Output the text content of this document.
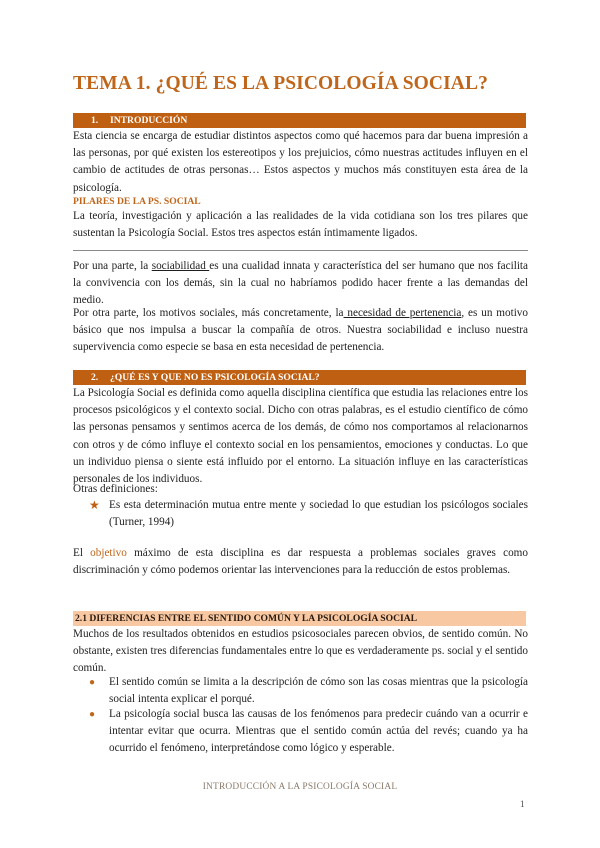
TEMA 1. ¿QUÉ ES LA PSICOLOGÍA SOCIAL?
1. INTRODUCCIÓN
Esta ciencia se encarga de estudiar distintos aspectos como qué hacemos para dar buena impresión a las personas, por qué existen los estereotipos y los prejuicios, cómo nuestras actitudes influyen en el cambio de actitudes de otras personas… Estos aspectos y muchos más constituyen esta área de la psicología.
PILARES DE LA PS. SOCIAL
La teoría, investigación y aplicación a las realidades de la vida cotidiana son los tres pilares que sustentan la Psicología Social. Estos tres aspectos están íntimamente ligados.
Por una parte, la sociabilidad es una cualidad innata y característica del ser humano que nos facilita la convivencia con los demás, sin la cual no habríamos podido hacer frente a las demandas del medio.
Por otra parte, los motivos sociales, más concretamente, la necesidad de pertenencia, es un motivo básico que nos impulsa a buscar la compañía de otros. Nuestra sociabilidad e incluso nuestra supervivencia como especie se basa en esta necesidad de pertenencia.
2. ¿QUÉ ES Y QUE NO ES PSICOLOGÍA SOCIAL?
La Psicología Social es definida como aquella disciplina científica que estudia las relaciones entre los procesos psicológicos y el contexto social. Dicho con otras palabras, es el estudio científico de cómo las personas pensamos y sentimos acerca de los demás, de cómo nos comportamos al relacionarnos con otros y de cómo influye el contexto social en los pensamientos, emociones y conductas. Lo que un individuo piensa o siente está influido por el entorno. La situación influye en las características personales de los individuos.
Otras definiciones:
★ Es esta determinación mutua entre mente y sociedad lo que estudian los psicólogos sociales (Turner, 1994)
El objetivo máximo de esta disciplina es dar respuesta a problemas sociales graves como discriminación y cómo podemos orientar las intervenciones para la reducción de estos problemas.
2.1 DIFERENCIAS ENTRE EL SENTIDO COMÚN Y LA PSICOLOGÍA SOCIAL
Muchos de los resultados obtenidos en estudios psicosociales parecen obvios, de sentido común. No obstante, existen tres diferencias fundamentales entre lo que es verdaderamente ps. social y el sentido común.
●	El sentido común se limita a la descripción de cómo son las cosas mientras que la psicología social intenta explicar el porqué.
●	La psicología social busca las causas de los fenómenos para predecir cuándo van a ocurrir e intentar evitar que ocurra. Mientras que el sentido común actúa del revés; cuando ya ha ocurrido el fenómeno, interpretándose como lógico y esperable.
INTRODUCCIÓN A LA PSICOLOGÍA SOCIAL
1
